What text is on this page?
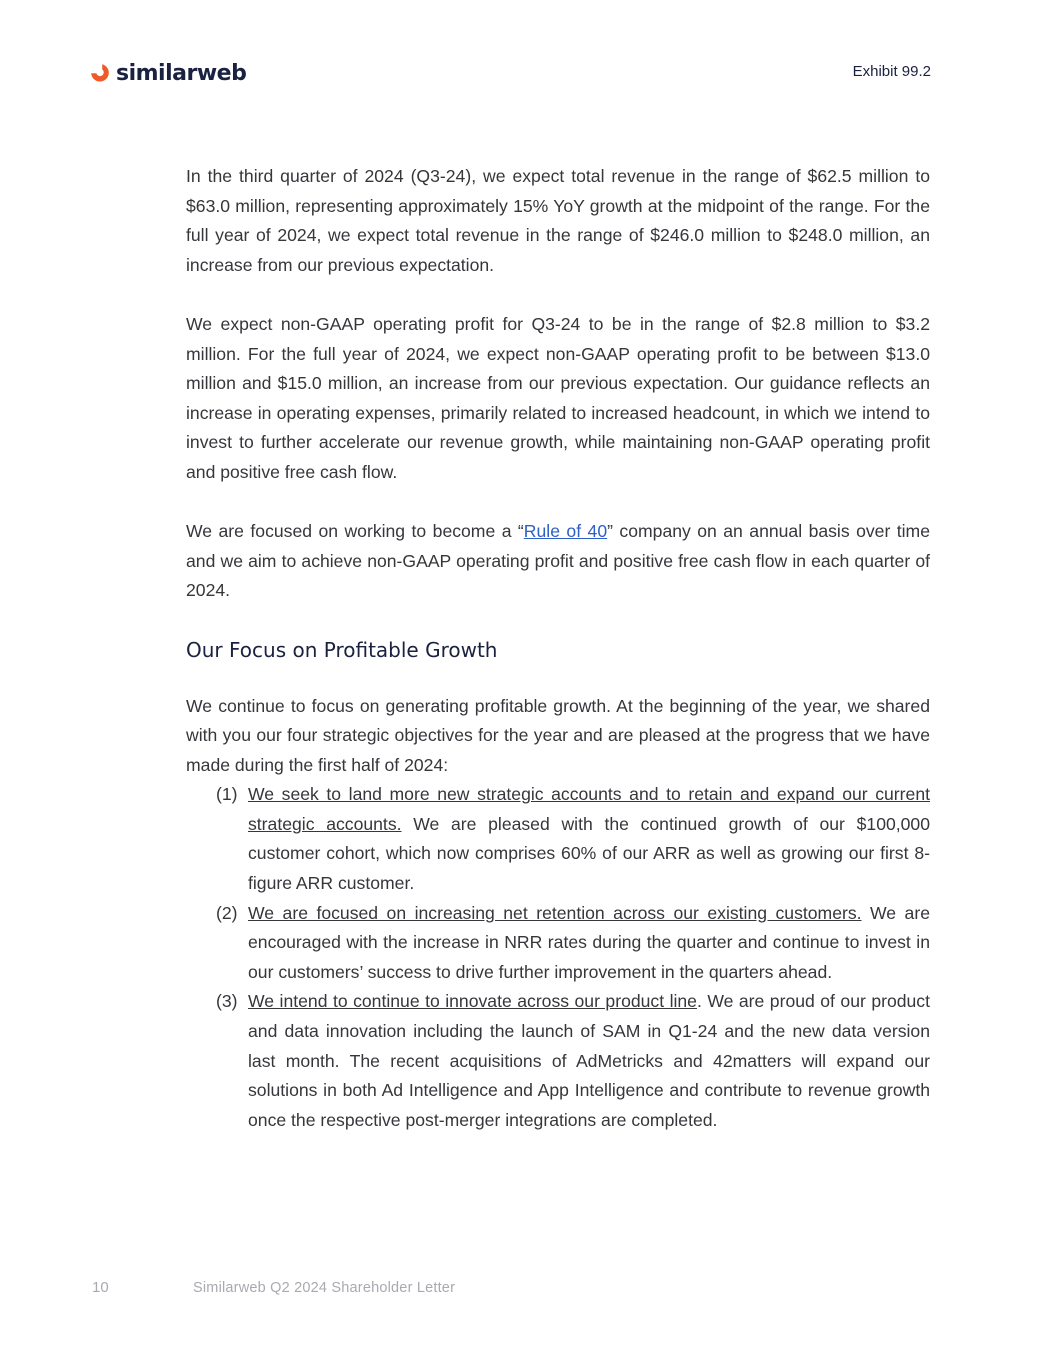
similarweb	Exhibit 99.2

In the third quarter of 2024 (Q3-24), we expect total revenue in the range of $62.5 million to $63.0 million, representing approximately 15% YoY growth at the midpoint of the range. For the full year of 2024, we expect total revenue in the range of $246.0 million to $248.0 million, an increase from our previous expectation.

We expect non-GAAP operating profit for Q3-24 to be in the range of $2.8 million to $3.2 million. For the full year of 2024, we expect non-GAAP operating profit to be between $13.0 million and $15.0 million, an increase from our previous expectation. Our guidance reflects an increase in operating expenses, primarily related to increased headcount, in which we intend to invest to further accelerate our revenue growth, while maintaining non-GAAP operating profit and positive free cash flow.

We are focused on working to become a “Rule of 40” company on an annual basis over time and we aim to achieve non-GAAP operating profit and positive free cash flow in each quarter of 2024.

Our Focus on Profitable Growth

We continue to focus on generating profitable growth. At the beginning of the year, we shared with you our four strategic objectives for the year and are pleased at the progress that we have made during the first half of 2024:

(1) We seek to land more new strategic accounts and to retain and expand our current strategic accounts. We are pleased with the continued growth of our $100,000 customer cohort, which now comprises 60% of our ARR as well as growing our first 8-figure ARR customer.
(2) We are focused on increasing net retention across our existing customers. We are encouraged with the increase in NRR rates during the quarter and continue to invest in our customers’ success to drive further improvement in the quarters ahead.
(3) We intend to continue to innovate across our product line. We are proud of our product and data innovation including the launch of SAM in Q1-24 and the new data version last month. The recent acquisitions of AdMetricks and 42matters will expand our solutions in both Ad Intelligence and App Intelligence and contribute to revenue growth once the respective post-merger integrations are completed.
10	Similarweb Q2 2024 Shareholder Letter
